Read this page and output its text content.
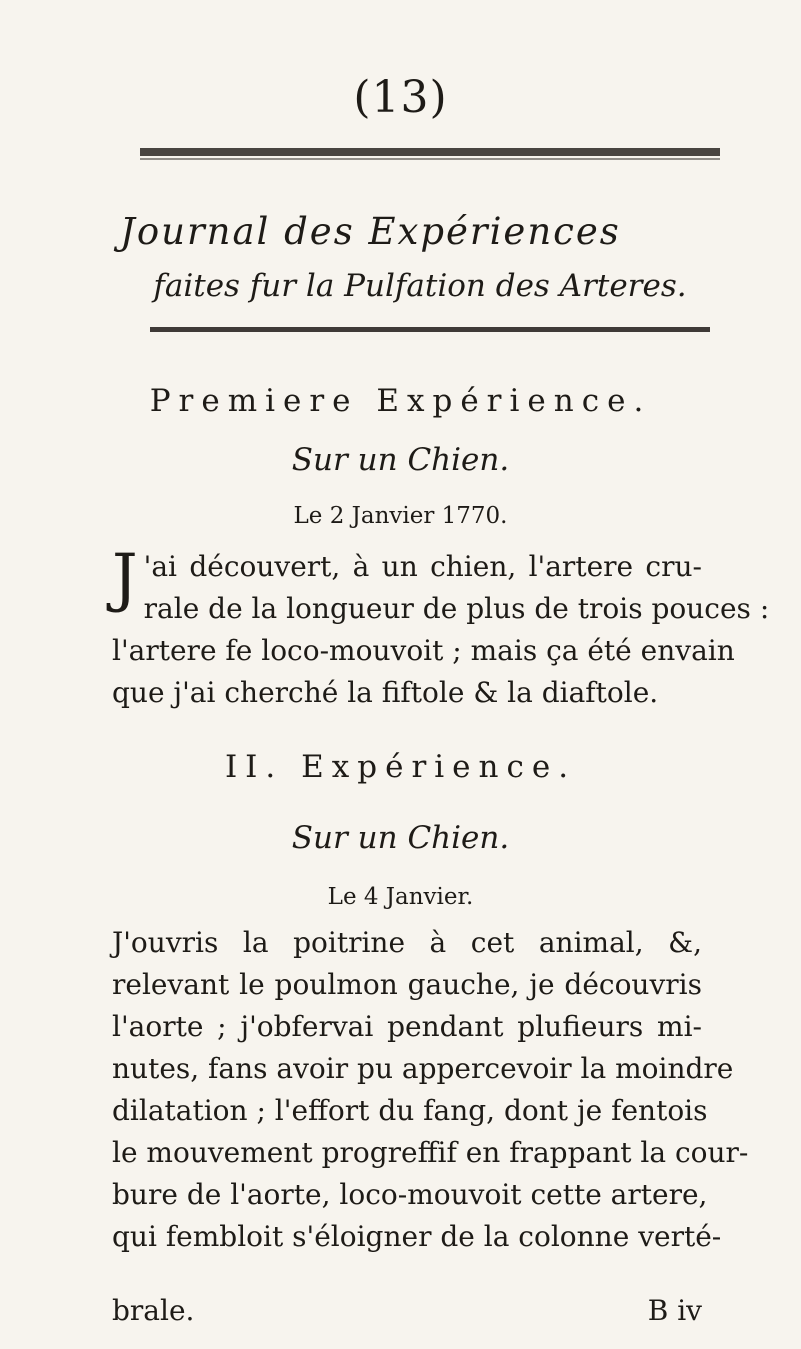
(13)
Journal des Expériences
faites fur la Pulfation des Arteres.
Premiere Expérience.
Sur un Chien.
Le 2 Janvier 1770.
J 'ai découvert, à un chien, l'artere cru-
rale de la longueur de plus de trois pouces :
l'artere fe loco-mouvoit ; mais ça été envain
que j'ai cherché la fiftole & la diaftole.
II. Expérience.
Sur un Chien.
Le 4 Janvier.
J'ouvris la poitrine à cet animal, &,
relevant le poulmon gauche, je découvris
l'aorte ; j'obfervai pendant plufieurs mi-
nutes, fans avoir pu appercevoir la moindre
dilatation ; l'effort du fang, dont je fentois
le mouvement progreffif en frappant la cour-
bure de l'aorte, loco-mouvoit cette artere,
qui fembloit s'éloigner de la colonne verté-
brale.	B iv
